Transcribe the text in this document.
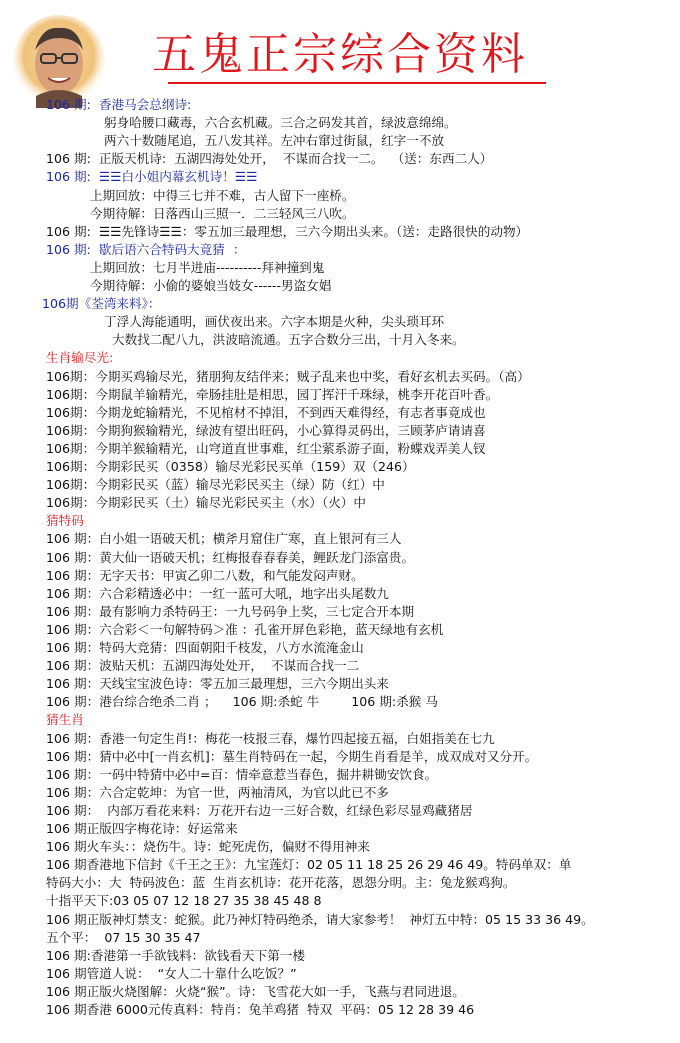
五鬼正宗综合资料
106 期:  香港马会总纲诗:
躬身哈腰口藏毒，六合玄机藏。三合之码发其首，绿波意绵绵。
两六十数随尾追，五八发其祥。左冲右窜过街鼠，红字一不放
106 期:  正版天机诗:  五湖四海处处开，  不谋而合找一二。  （送：东西二人）
106 期:  ☰☰白小姐内幕玄机诗！☰☰
上期回放：中得三七并不难，古人留下一座桥。
今期待解：日落西山三照一．二三轻风三八吹。
106 期:  ☰☰先锋诗☰☰：零五加三最理想，三六今期出头来。（送：走路很快的动物）
106 期:  歇后语六合特码大竟猜  ：
上期回放：七月半进庙----------拜神撞到鬼
今期待解：小偷的婆娘当妓女------男盗女娼
106期《荃湾来料》：
丁浮人海能通明，画伏夜出来。六字本期是火种，尖头琐耳环
大数找二配八九，洪波暗流通。五字合数分三出，十月入冬来。
生肖输尽光:
106期：今期买鸡输尽光，猪朋狗友结伴来；贼子乱来也中奖，看好玄机去买码。（高）
106期：今期鼠羊输精光，牵肠挂肚是相思，园丁挥汗千珠绿，桃李开花百叶香。
106期：今期龙蛇输精光，不见棺材不掉泪，不到西天难得经，有志者事竟成也
106期：今期狗猴输精光，绿波有望出旺码，小心算得灵码出，三顾茅庐请请喜
106期：今期羊猴输精光，山穹道直世事难，红尘萦系游子面，粉蝶戏弄美人钗
106期：今期彩民买（0358）输尽光彩民买单（159）双（246）
106期：今期彩民买（蓝）输尽光彩民买主（绿）防（红）中
106期：今期彩民买（土）输尽光彩民买主（水）（火）中
猜特码
106 期：白小姐一语破天机；横斧月窟住广寒，直上银河有三人
106 期：黄大仙一语破天机；红梅报春春春美，鲤跃龙门添富贵。
106 期：无字天书：甲寅乙卯二八数，和气能发闷声财。
106 期：六合彩精透必中：一红一蓝可大吼，地字出头尾数九
106 期：最有影响力杀特码王：一九号码争上奖，三七定合开本期
106 期：六合彩＜一句解特码＞准 ：孔雀开屏色彩艳，蓝天绿地有玄机
106 期：特码大竞猜：四面朝阳千枝发，八方水流淹金山
106 期：波贴天机：五湖四海处处开，  不谋而合找一二
106 期：天线宝宝波色诗：零五加三最理想，三六今期出头来
106 期：港台综合绝杀二肖 ；    106 期:杀蛇 牛        106 期:杀猴 马
猜生肖
106 期：香港一句定生肖!：梅花一枝报三春，爆竹四起接五福，白姐指美在七九
106 期：猜中必中[一肖玄机]：墓生肖特码在一起，今期生肖看是羊，成双成对又分开。
106 期：一码中特猜中必中=百：情牵意惹当春色，掘井耕锄安饮食。
106 期：六合定乾坤：为官一世，两袖清风，为官以此已不多
106 期：  内部万看花来料：万花开右边一三好合数，红绿色彩尽显鸡藏猪居
106 期正版四字梅花诗：好运常来
106 期火车头：：烧伤牛。诗：蛇死虎伤，偏财不得用神来
106 期香港地下信封《千王之王》：九宝莲灯：02 05 11 18 25 26 29 46 49。特码单双：单
特码大小：大  特码波色：蓝  生肖玄机诗：花开花落，恩怨分明。主：兔龙猴鸡狗。
十指平天下:03 05 07 12 18 27 35 38 45 48 8
106 期正版神灯禁支：蛇猴。此乃神灯特码绝杀，请大家参考！  神灯五中特：05 15 33 36 49。
五个平：  07 15 30 35 47
106 期:香港第一手欲钱料：欲钱看天下第一楼
106 期管道人说：  “女人二十靠什么吃饭？”
106 期正版火烧图解：火烧“猴”。诗：飞雪花大如一手，飞燕与君同进退。
106 期香港 6000元传真料：特肖：兔羊鸡猪  特双  平码：05 12 28 39 46
